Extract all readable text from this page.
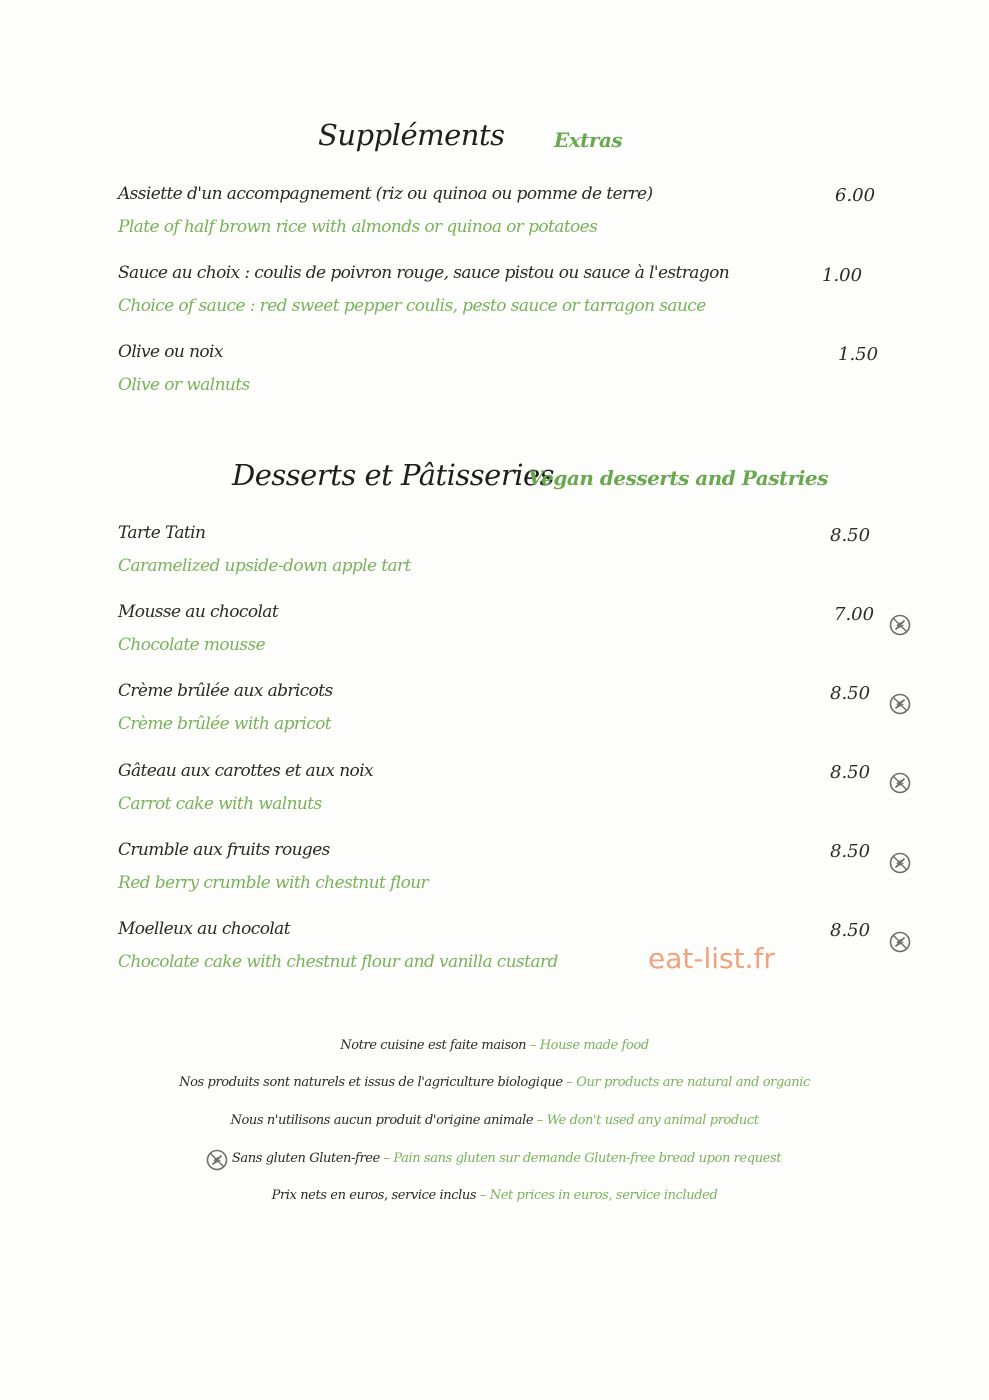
Suppléments Extras
Assiette d'un accompagnement (riz ou quinoa ou pomme de terre)
Plate of half brown rice with almonds or quinoa or potatoes
6.00
Sauce au choix : coulis de poivron rouge, sauce pistou ou sauce à l'estragon
Choice of sauce : red sweet pepper coulis, pesto sauce or tarragon sauce
1.00
Olive ou noix
Olive or walnuts
1.50
Desserts et Pâtisseries
Vegan desserts and Pastries
Tarte Tatin
Caramelized upside-down apple tart
8.50
Mousse au chocolat
Chocolate mousse
7.00
Crème brûlée aux abricots
Crème brûlée with apricot
8.50
Gâteau aux carottes et aux noix
Carrot cake with walnuts
8.50
Crumble aux fruits rouges
Red berry crumble with chestnut flour
8.50
Moelleux au chocolat
Chocolate cake with chestnut flour and vanilla custard
8.50
eat-list.fr
Notre cuisine est faite maison – House made food
Nos produits sont naturels et issus de l'agriculture biologique – Our products are natural and organic
Nous n'utilisons aucun produit d'origine animale – We don't used any animal product
Sans gluten Gluten-free – Pain sans gluten sur demande Gluten-free bread upon request
Prix nets en euros, service inclus – Net prices in euros, service included
